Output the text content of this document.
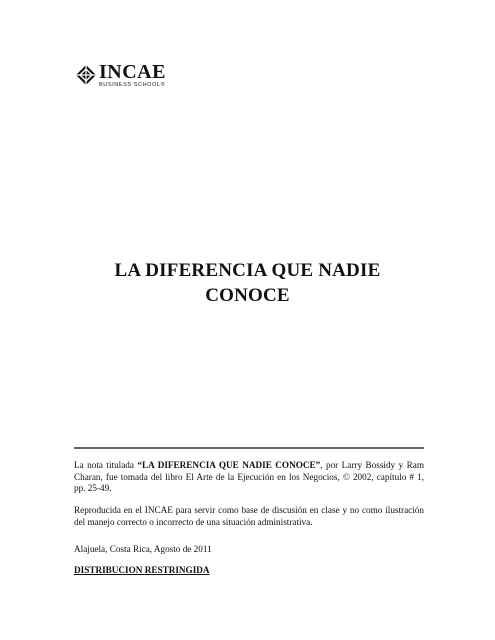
INCAE
BUSINESS SCHOOL®
LA DIFERENCIA QUE NADIE
CONOCE

La nota titulada “LA DIFERENCIA QUE NADIE CONOCE”, por Larry Bossidy y Ram Charan, fue tomada del libro El Arte de la Ejecución en los Negocios, © 2002, capítulo # 1, pp. 25-49.

Reproducida en el INCAE para servir como base de discusión en clase y no como ilustración del manejo correcto o incorrecto de una situación administrativa.

Alajuela, Costa Rica, Agosto de 2011
DISTRIBUCION RESTRINGIDA
